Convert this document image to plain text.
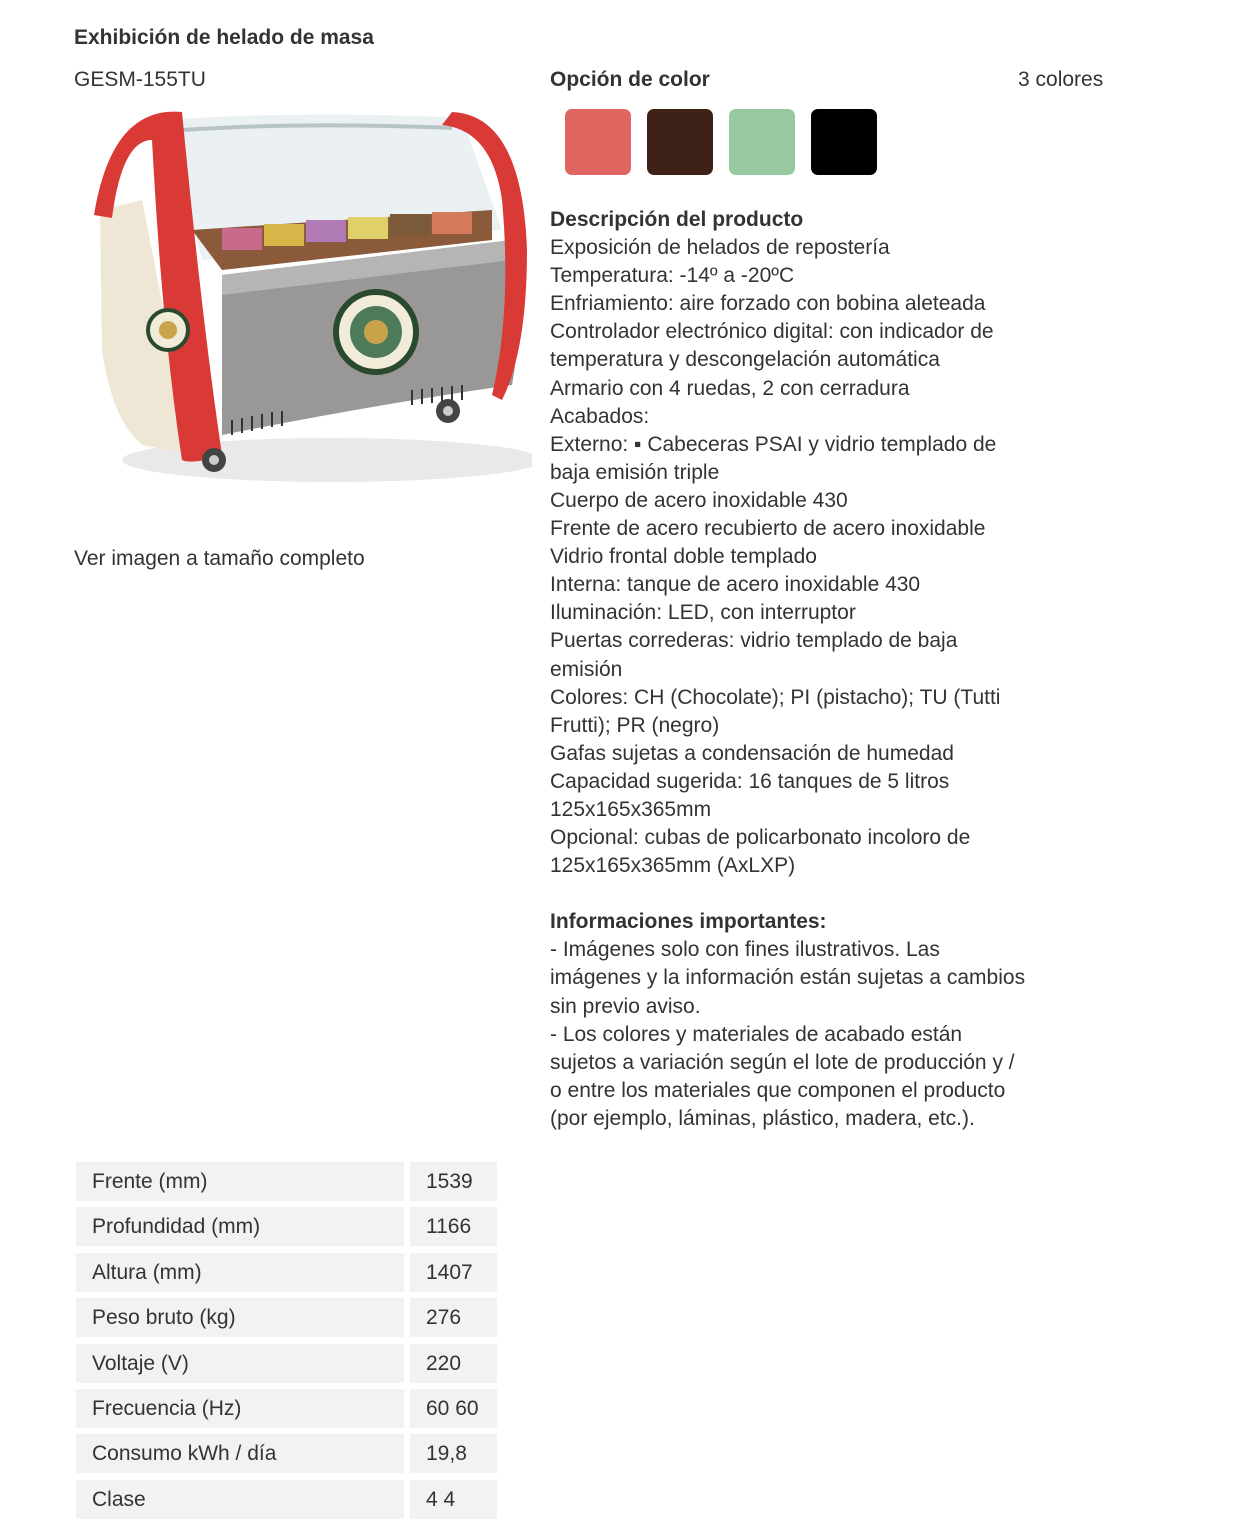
Exhibición de helado de masa
GESM-155TU
Ver imagen a tamaño completo
Opción de color	3 colores
Descripción del producto
Exposición de helados de repostería
Temperatura: -14º a -20ºC
Enfriamiento: aire forzado con bobina aleteada
Controlador electrónico digital: con indicador de temperatura y descongelación automática
Armario con 4 ruedas, 2 con cerradura
Acabados:
Externo: ▪ Cabeceras PSAI y vidrio templado de baja emisión triple
Cuerpo de acero inoxidable 430
Frente de acero recubierto de acero inoxidable
Vidrio frontal doble templado
Interna: tanque de acero inoxidable 430
Iluminación: LED, con interruptor
Puertas correderas: vidrio templado de baja emisión
Colores: CH (Chocolate); PI (pistacho); TU (Tutti Frutti); PR (negro)
Gafas sujetas a condensación de humedad
Capacidad sugerida: 16 tanques de 5 litros 125x165x365mm
Opcional: cubas de policarbonato incoloro de 125x165x365mm (AxLXP)
Informaciones importantes:
- Imágenes solo con fines ilustrativos. Las imágenes y la información están sujetas a cambios sin previo aviso.
- Los colores y materiales de acabado están sujetos a variación según el lote de producción y / o entre los materiales que componen el producto (por ejemplo, láminas, plástico, madera, etc.).
Frente (mm)	1539
Profundidad (mm)	1166
Altura (mm)	1407
Peso bruto (kg)	276
Voltaje (V)	220
Frecuencia (Hz)	60 60
Consumo kWh / día	19,8
Clase	4 4
